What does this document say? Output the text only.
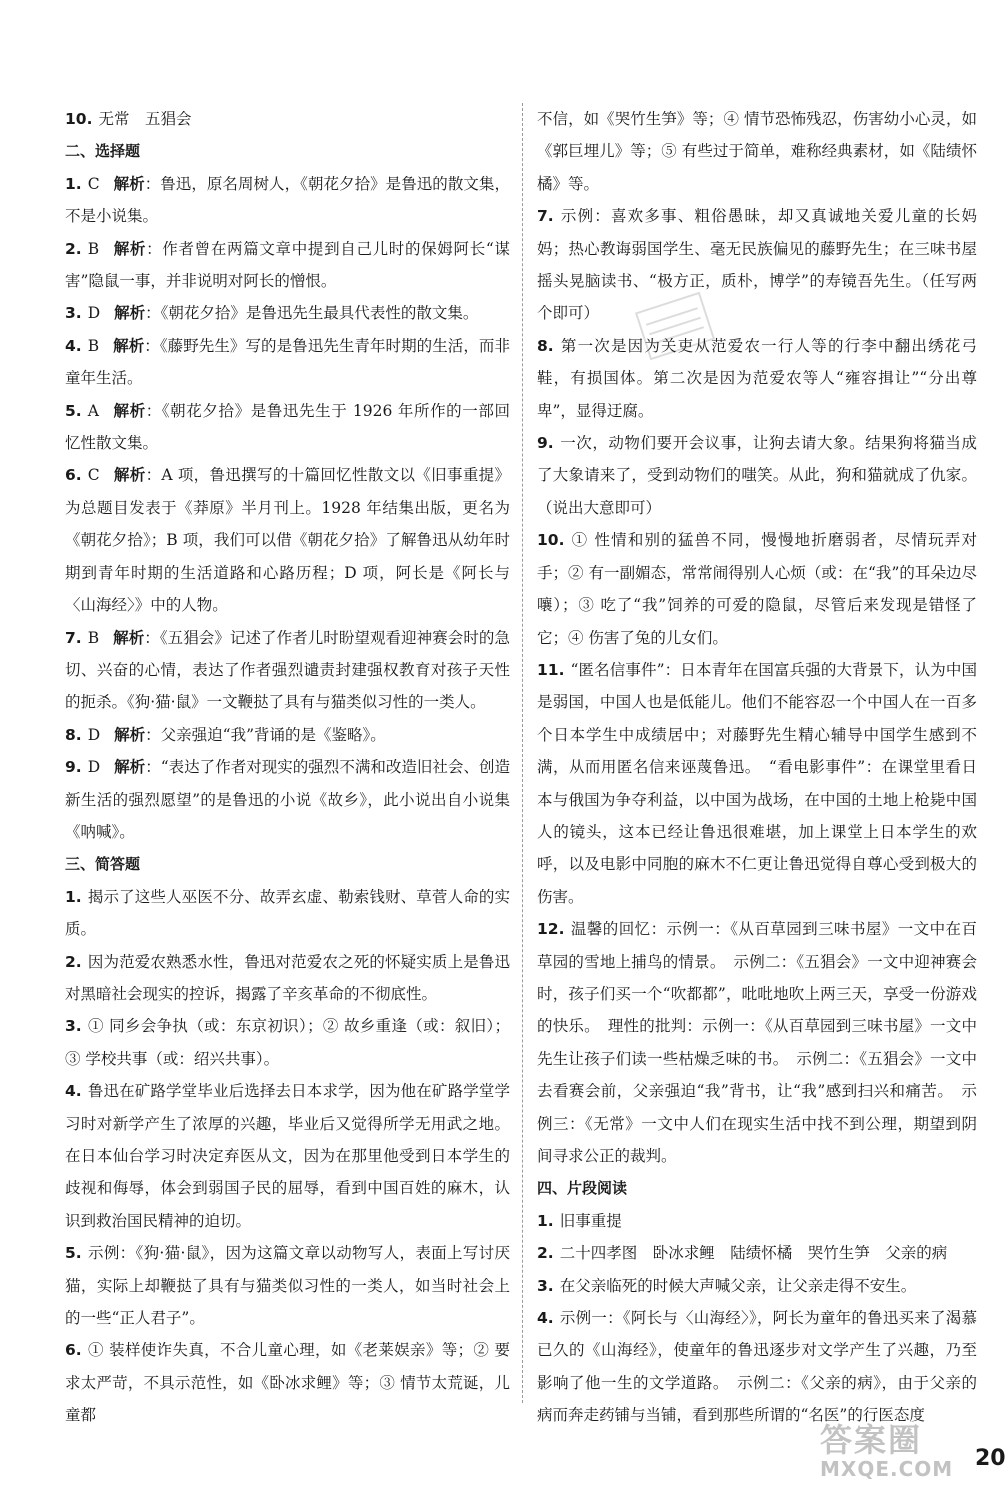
10. 无常　五猖会

二、选择题

1. C 解析：鲁迅，原名周树人，《朝花夕拾》是鲁迅的散文集，不是小说集。

2. B 解析：作者曾在两篇文章中提到自己儿时的保姆阿长“谋害”隐鼠一事，并非说明对阿长的憎恨。

3. D 解析：《朝花夕拾》是鲁迅先生最具代表性的散文集。

4. B 解析：《藤野先生》写的是鲁迅先生青年时期的生活，而非童年生活。

5. A 解析：《朝花夕拾》是鲁迅先生于 1926 年所作的一部回忆性散文集。

6. C 解析：A 项，鲁迅撰写的十篇回忆性散文以《旧事重提》为总题目发表于《莽原》半月刊上。1928 年结集出版，更名为《朝花夕拾》；B 项，我们可以借《朝花夕拾》了解鲁迅从幼年时期到青年时期的生活道路和心路历程；D 项，阿长是《阿长与〈山海经〉》中的人物。

7. B 解析：《五猖会》记述了作者儿时盼望观看迎神赛会时的急切、兴奋的心情，表达了作者强烈谴责封建强权教育对孩子天性的扼杀。《狗·猫·鼠》一文鞭挞了具有与猫类似习性的一类人。

8. D 解析：父亲强迫“我”背诵的是《鉴略》。

9. D 解析：“表达了作者对现实的强烈不满和改造旧社会、创造新生活的强烈愿望”的是鲁迅的小说《故乡》，此小说出自小说集《呐喊》。

三、简答题

1. 揭示了这些人巫医不分、故弄玄虚、勒索钱财、草菅人命的实质。

2. 因为范爱农熟悉水性，鲁迅对范爱农之死的怀疑实质上是鲁迅对黑暗社会现实的控诉，揭露了辛亥革命的不彻底性。

3. ① 同乡会争执（或：东京初识）；② 故乡重逢（或：叙旧）；③ 学校共事（或：绍兴共事）。

4. 鲁迅在矿路学堂毕业后选择去日本求学，因为他在矿路学堂学习时对新学产生了浓厚的兴趣，毕业后又觉得所学无用武之地。在日本仙台学习时决定弃医从文，因为在那里他受到日本学生的歧视和侮辱，体会到弱国子民的屈辱，看到中国百姓的麻木，认识到救治国民精神的迫切。

5. 示例：《狗·猫·鼠》，因为这篇文章以动物写人，表面上写讨厌猫，实际上却鞭挞了具有与猫类似习性的一类人，如当时社会上的一些“正人君子”。

6. ① 装样使诈失真，不合儿童心理，如《老莱娱亲》等；② 要求太严苛，不具示范性，如《卧冰求鲤》等；③ 情节太荒诞，儿童都

不信，如《哭竹生笋》等；④ 情节恐怖残忍，伤害幼小心灵，如《郭巨埋儿》等；⑤ 有些过于简单，难称经典素材，如《陆绩怀橘》等。

7. 示例：喜欢多事、粗俗愚昧，却又真诚地关爱儿童的长妈妈；热心教诲弱国学生、毫无民族偏见的藤野先生；在三味书屋摇头晃脑读书、“极方正，质朴，博学”的寿镜吾先生。（任写两个即可）

8. 第一次是因为关吏从范爱农一行人等的行李中翻出绣花弓鞋，有损国体。第二次是因为范爱农等人“雍容揖让”“分出尊卑”，显得迂腐。

9. 一次，动物们要开会议事，让狗去请大象。结果狗将猫当成了大象请来了，受到动物们的嗤笑。从此，狗和猫就成了仇家。（说出大意即可）

10. ① 性情和别的猛兽不同，慢慢地折磨弱者，尽情玩弄对手；② 有一副媚态，常常闹得别人心烦（或：在“我”的耳朵边尽嚷）；③ 吃了“我”饲养的可爱的隐鼠，尽管后来发现是错怪了它；④ 伤害了兔的儿女们。

11. “匿名信事件”：日本青年在国富兵强的大背景下，认为中国是弱国，中国人也是低能儿。他们不能容忍一个中国人在一百多个日本学生中成绩居中；对藤野先生精心辅导中国学生感到不满，从而用匿名信来诬蔑鲁迅。　“看电影事件”：在课堂里看日本与俄国为争夺利益，以中国为战场，在中国的土地上枪毙中国人的镜头，这本已经让鲁迅很难堪，加上课堂上日本学生的欢呼，以及电影中同胞的麻木不仁更让鲁迅觉得自尊心受到极大的伤害。

12. 温馨的回忆：示例一：《从百草园到三味书屋》一文中在百草园的雪地上捕鸟的情景。　示例二：《五猖会》一文中迎神赛会时，孩子们买一个“吹都都”，吡吡地吹上两三天，享受一份游戏的快乐。　理性的批判：示例一：《从百草园到三味书屋》一文中先生让孩子们读一些枯燥乏味的书。　示例二：《五猖会》一文中去看赛会前，父亲强迫“我”背书，让“我”感到扫兴和痛苦。　示例三：《无常》一文中人们在现实生活中找不到公理，期望到阴间寻求公正的裁判。

四、片段阅读

1. 旧事重提

2. 二十四孝图　卧冰求鲤　陆绩怀橘　哭竹生笋　父亲的病

3. 在父亲临死的时候大声喊父亲，让父亲走得不安生。

4. 示例一：《阿长与〈山海经〉》，阿长为童年的鲁迅买来了渴慕已久的《山海经》，使童年的鲁迅逐步对文学产生了兴趣，乃至影响了他一生的文学道路。　示例二：《父亲的病》，由于父亲的病而奔走药铺与当铺，看到那些所谓的“名医”的行医态度

答案圈
MXQE.COM 20
